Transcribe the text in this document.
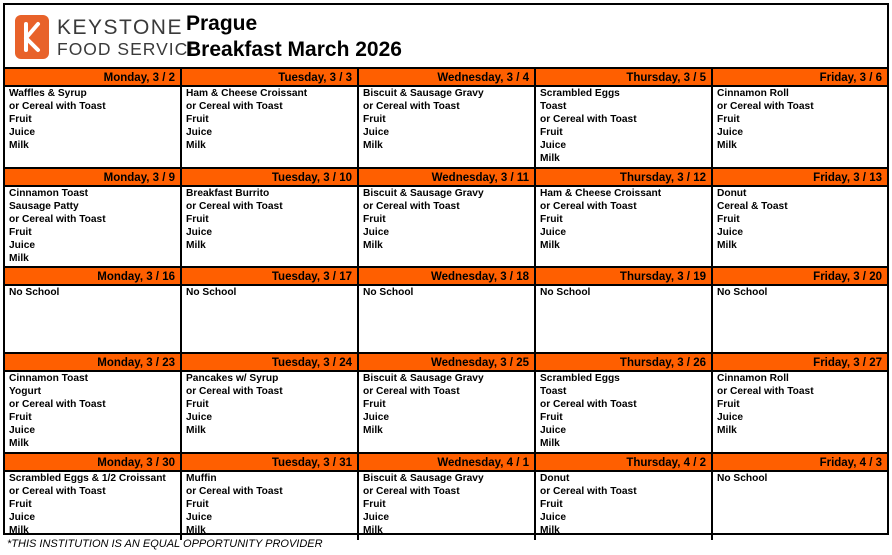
KEYSTONE
FOOD SERVICE
Prague
Breakfast March 2026
Monday, 3 / 2
Waffles & Syrup
or Cereal with Toast
Fruit
Juice
Milk
Tuesday, 3 / 3
Ham & Cheese Croissant
or Cereal with Toast
Fruit
Juice
Milk
Wednesday, 3 / 4
Biscuit & Sausage Gravy
or Cereal with Toast
Fruit
Juice
Milk
Thursday, 3 / 5
Scrambled Eggs
Toast
or Cereal with Toast
Fruit
Juice
Milk
Friday, 3 / 6
Cinnamon Roll
or Cereal with Toast
Fruit
Juice
Milk
Monday, 3 / 9
Cinnamon Toast
Sausage Patty
or Cereal with Toast
Fruit
Juice
Milk
Tuesday, 3 / 10
Breakfast Burrito
or Cereal with Toast
Fruit
Juice
Milk
Wednesday, 3 / 11
Biscuit & Sausage Gravy
or Cereal with Toast
Fruit
Juice
Milk
Thursday, 3 / 12
Ham & Cheese Croissant
or Cereal with Toast
Fruit
Juice
Milk
Friday, 3 / 13
Donut
Cereal & Toast
Fruit
Juice
Milk
Monday, 3 / 16
No School
Tuesday, 3 / 17
No School
Wednesday, 3 / 18
No School
Thursday, 3 / 19
No School
Friday, 3 / 20
No School
Monday, 3 / 23
Cinnamon Toast
Yogurt
or Cereal with Toast
Fruit
Juice
Milk
Tuesday, 3 / 24
Pancakes w/ Syrup
or Cereal with Toast
Fruit
Juice
Milk
Wednesday, 3 / 25
Biscuit & Sausage Gravy
or Cereal with Toast
Fruit
Juice
Milk
Thursday, 3 / 26
Scrambled Eggs
Toast
or Cereal with Toast
Fruit
Juice
Milk
Friday, 3 / 27
Cinnamon Roll
or Cereal with Toast
Fruit
Juice
Milk
Monday, 3 / 30
Scrambled Eggs & 1/2 Croissant
or Cereal with Toast
Fruit
Juice
Milk
Tuesday, 3 / 31
Muffin
or Cereal with Toast
Fruit
Juice
Milk
Wednesday, 4 / 1
Biscuit & Sausage Gravy
or Cereal with Toast
Fruit
Juice
Milk
Thursday, 4 / 2
Donut
or Cereal with Toast
Fruit
Juice
Milk
Friday, 4 / 3
No School
*THIS INSTITUTION IS AN EQUAL OPPORTUNITY PROVIDER
